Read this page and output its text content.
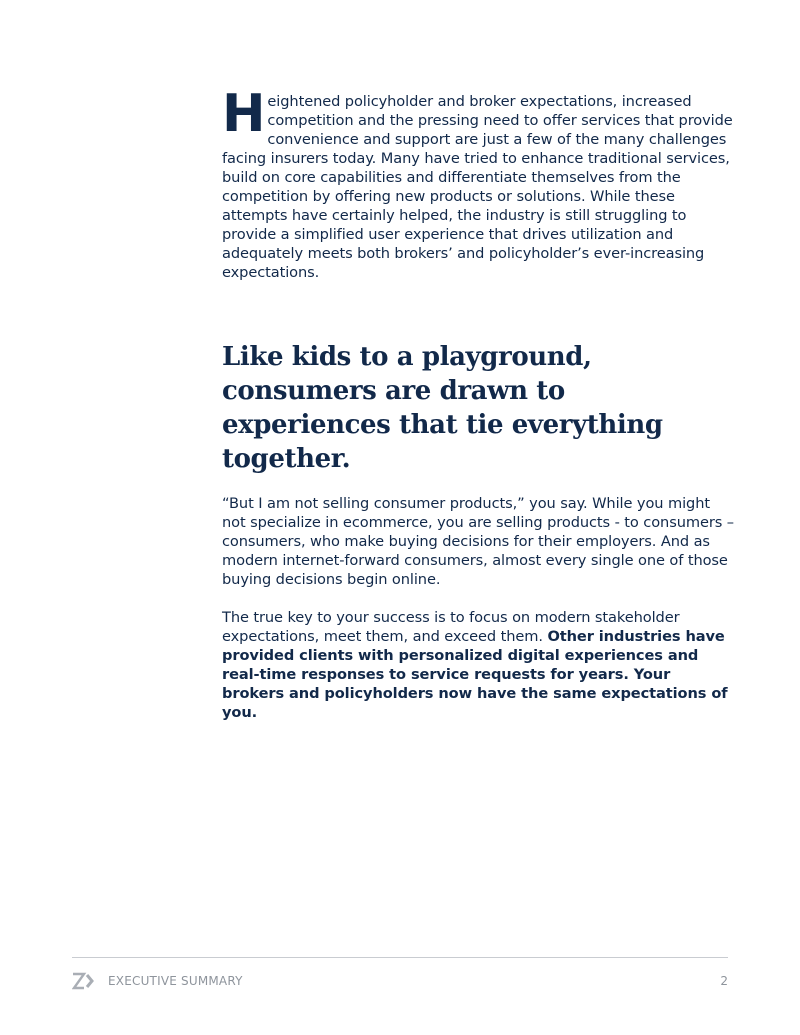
Heightened policyholder and broker expectations, increased competition and the pressing need to offer services that provide convenience and support are just a few of the many challenges facing insurers today. Many have tried to enhance traditional services, build on core capabilities and differentiate themselves from the competition by offering new products or solutions. While these attempts have certainly helped, the industry is still struggling to provide a simplified user experience that drives utilization and adequately meets both brokers’ and policyholder’s ever-increasing expectations.

Like kids to a playground, consumers are drawn to experiences that tie everything together.

“But I am not selling consumer products,” you say. While you might not specialize in ecommerce, you are selling products - to consumers – consumers, who make buying decisions for their employers. And as modern internet-forward consumers, almost every single one of those buying decisions begin online.

The true key to your success is to focus on modern stakeholder expectations, meet them, and exceed them. Other industries have provided clients with personalized digital experiences and real-time responses to service requests for years. Your brokers and policyholders now have the same expectations of you.

EXECUTIVE SUMMARY	2
